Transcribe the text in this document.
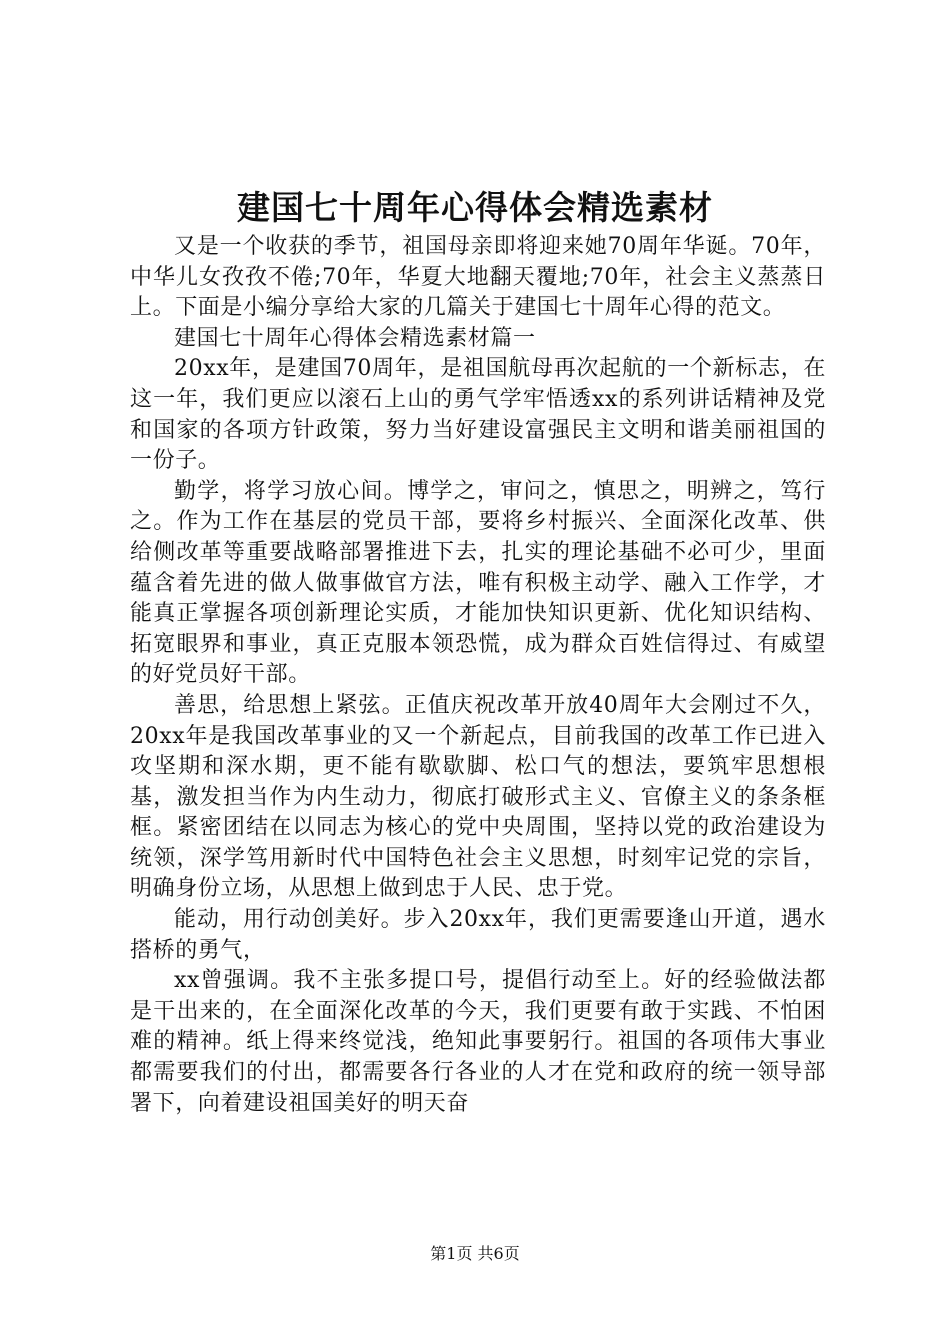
建国七十周年心得体会精选素材

又是一个收获的季节，祖国母亲即将迎来她70周年华诞。70年，中华儿女孜孜不倦;70年，华夏大地翻天覆地;70年，社会主义蒸蒸日上。下面是小编分享给大家的几篇关于建国七十周年心得的范文。

建国七十周年心得体会精选素材篇一

20xx年，是建国70周年，是祖国航母再次起航的一个新标志，在这一年，我们更应以滚石上山的勇气学牢悟透xx的系列讲话精神及党和国家的各项方针政策，努力当好建设富强民主文明和谐美丽祖国的一份子。

勤学，将学习放心间。博学之，审问之，慎思之，明辨之，笃行之。作为工作在基层的党员干部，要将乡村振兴、全面深化改革、供给侧改革等重要战略部署推进下去，扎实的理论基础不必可少，里面蕴含着先进的做人做事做官方法，唯有积极主动学、融入工作学，才能真正掌握各项创新理论实质，才能加快知识更新、优化知识结构、拓宽眼界和事业，真正克服本领恐慌，成为群众百姓信得过、有威望的好党员好干部。

善思，给思想上紧弦。正值庆祝改革开放40周年大会刚过不久，20xx年是我国改革事业的又一个新起点，目前我国的改革工作已进入攻坚期和深水期，更不能有歇歇脚、松口气的想法，要筑牢思想根基，激发担当作为内生动力，彻底打破形式主义、官僚主义的条条框框。紧密团结在以同志为核心的党中央周围，坚持以党的政治建设为统领，深学笃用新时代中国特色社会主义思想，时刻牢记党的宗旨，明确身份立场，从思想上做到忠于人民、忠于党。

能动，用行动创美好。步入20xx年，我们更需要逢山开道，遇水搭桥的勇气，

xx曾强调。我不主张多提口号，提倡行动至上。好的经验做法都是干出来的，在全面深化改革的今天，我们更要有敢于实践、不怕困难的精神。纸上得来终觉浅，绝知此事要躬行。祖国的各项伟大事业都需要我们的付出，都需要各行各业的人才在党和政府的统一领导部署下，向着建设祖国美好的明天奋

第1页 共6页
